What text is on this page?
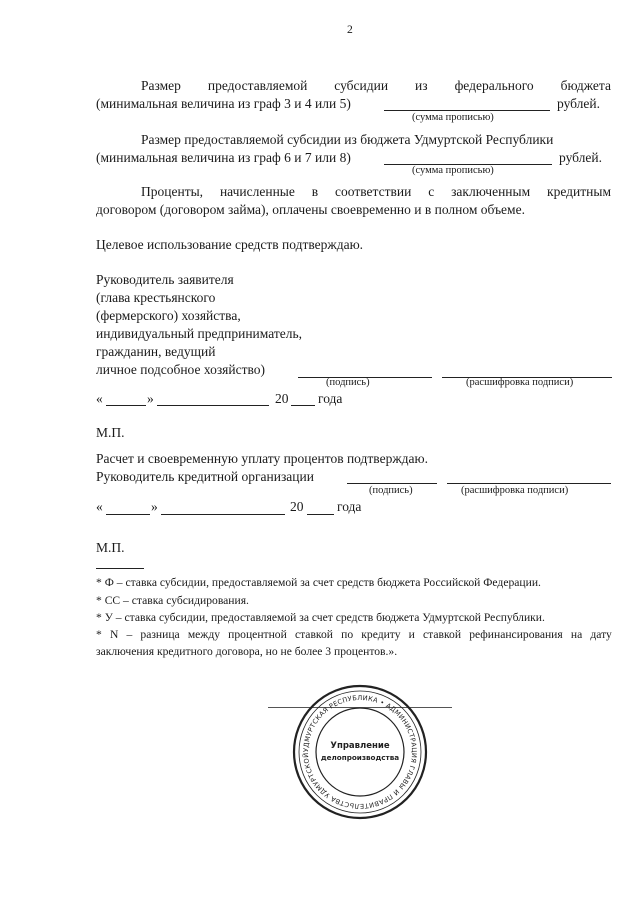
2
Размер предоставляемой субсидии из федерального бюджета
(минимальная величина из граф 3 и 4 или 5)	рублей.
(сумма прописью)
Размер предоставляемой субсидии из бюджета Удмуртской Республики
(минимальная величина из граф 6 и 7 или 8)	рублей.
(сумма прописью)
Проценты, начисленные в соответствии с заключенным кредитным
договором (договором займа), оплачены своевременно и в полном объеме.
Целевое использование средств подтверждаю.
Руководитель заявителя
(глава крестьянского
(фермерского) хозяйства,
индивидуальный предприниматель,
гражданин, ведущий
личное подсобное хозяйство)
(подпись)	(расшифровка подписи)
«	»	20 года
М.П.
Расчет и своевременную уплату процентов подтверждаю.
Руководитель кредитной организации
(подпись)	(расшифровка подписи)
«	»	20 года
М.П.
* Ф – ставка субсидии, предоставляемой за счет средств бюджета Российской Федерации.
* СС – ставка субсидирования.
* У – ставка субсидии, предоставляемой за счет средств бюджета Удмуртской Республики.
* N – разница между процентной ставкой по кредиту и ставкой рефинансирования на дату
заключения кредитного договора, но не более 3 процентов.».
УДМУРТСКАЯ РЕСПУБЛИКА • АДМИНИСТРАЦИЯ ГЛАВЫ И ПРАВИТЕЛЬСТВА УДМУРТСКОЙ
Управление
делопроизводства
